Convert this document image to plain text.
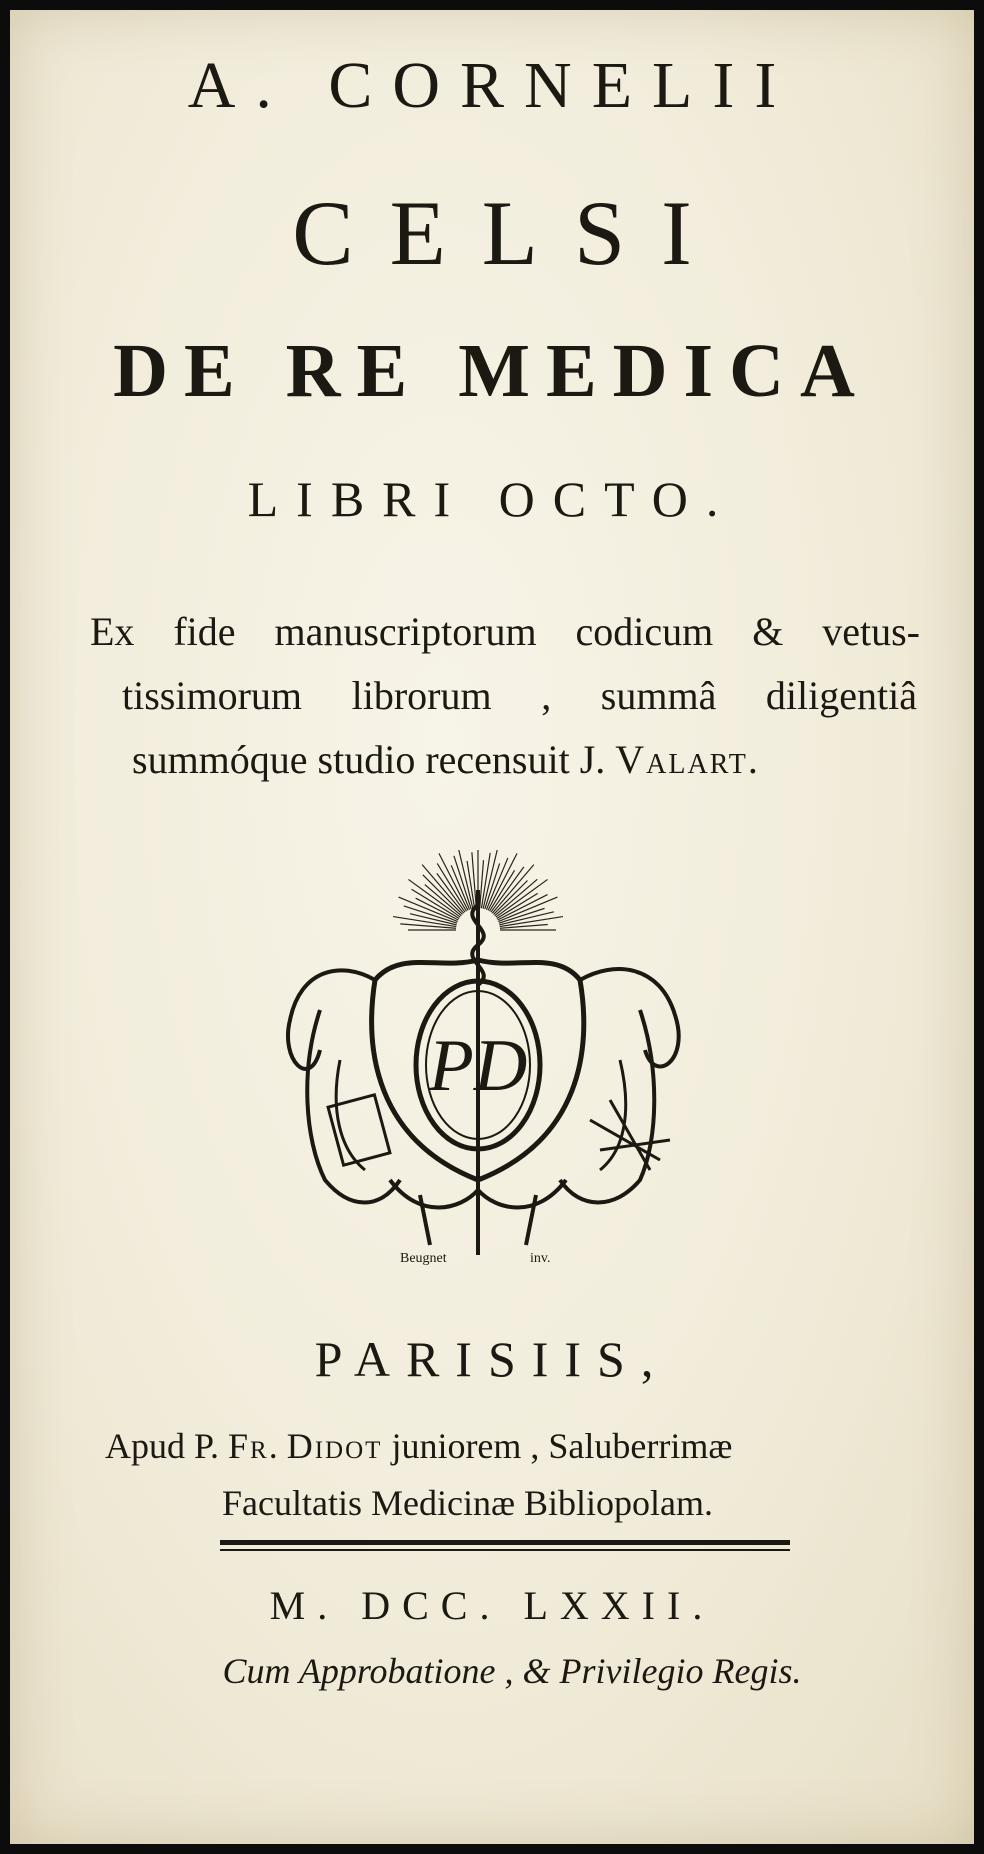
A. CORNELII
CELSI
DE RE MEDICA
LIBRI OCTO.
Ex fide manuscriptorum codicum & vetus-
tissimorum librorum , summâ diligentiâ
summóque studio recensuit J. Valart.
PD
Beugnet	inv.
PARISIIS,
Apud P. Fr. Didot juniorem , Saluberrimæ
Facultatis Medicinæ Bibliopolam.
M. DCC. LXXII.
Cum Approbatione , & Privilegio Regis.
